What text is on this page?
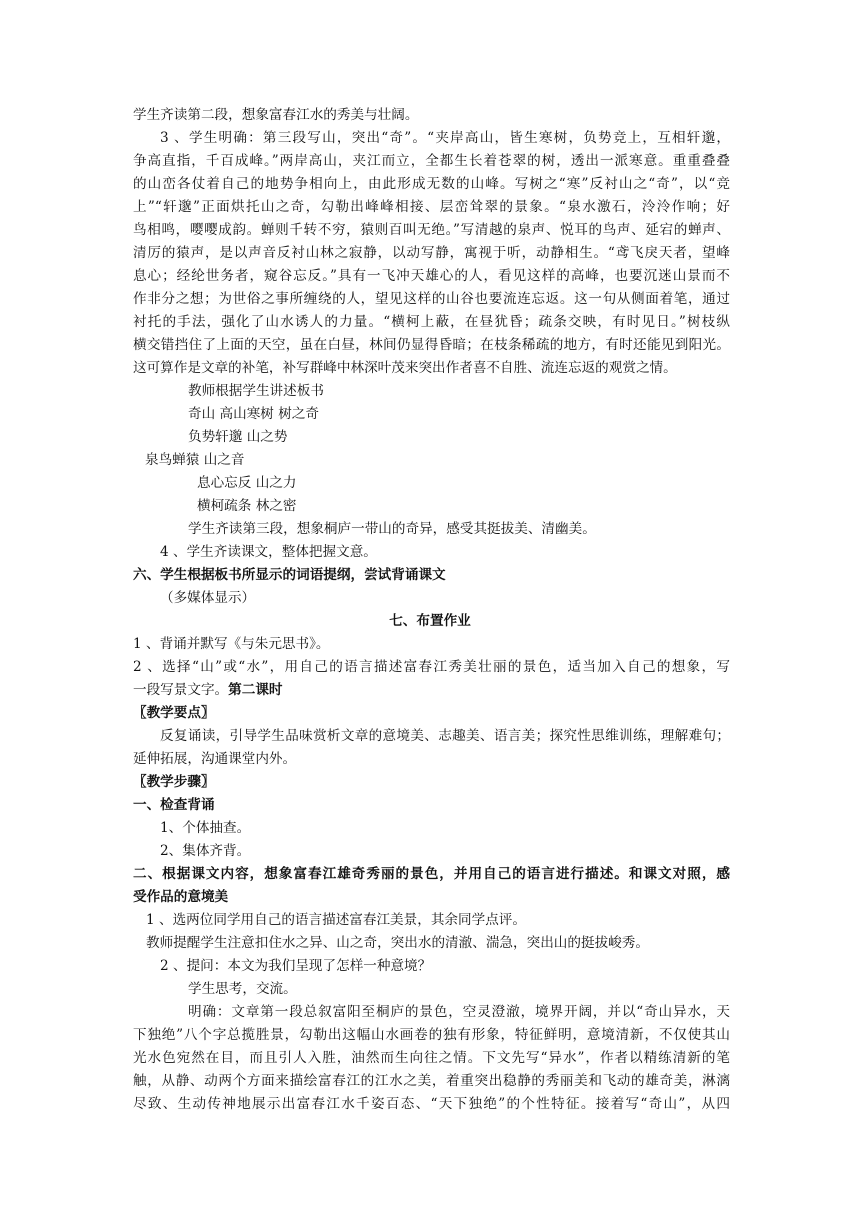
学生齐读第二段，想象富春江水的秀美与壮阔。
3 、学生明确：第三段写山，突出“奇”。“夹岸高山，皆生寒树，负势竞上，互相轩邈，
争高直指，千百成峰。”两岸高山，夹江而立，全都生长着苍翠的树，透出一派寒意。重重叠叠
的山峦各仗着自己的地势争相向上，由此形成无数的山峰。写树之“寒”反衬山之“奇”，以“竞
上”“轩邈”正面烘托山之奇，勾勒出峰峰相接、层峦耸翠的景象。“泉水激石，泠泠作响；好
鸟相鸣，嘤嘤成韵。蝉则千转不穷，猿则百叫无绝。”写清越的泉声、悦耳的鸟声、延宕的蝉声、
清厉的猿声，是以声音反衬山林之寂静，以动写静，寓视于听，动静相生。“鸢飞戾天者，望峰
息心；经纶世务者，窥谷忘反。”具有一飞冲天雄心的人，看见这样的高峰，也要沉迷山景而不
作非分之想；为世俗之事所缠绕的人，望见这样的山谷也要流连忘返。这一句从侧面着笔，通过
衬托的手法，强化了山水诱人的力量。“横柯上蔽，在昼犹昏；疏条交映，有时见日。”树枝纵
横交错挡住了上面的天空，虽在白昼，林间仍显得昏暗；在枝条稀疏的地方，有时还能见到阳光。
这可算作是文章的补笔，补写群峰中林深叶茂来突出作者喜不自胜、流连忘返的观赏之情。
教师根据学生讲述板书
奇山 高山寒树 树之奇
负势轩邈 山之势
泉鸟蝉猿 山之音
息心忘反 山之力
横柯疏条 林之密
学生齐读第三段，想象桐庐一带山的奇异，感受其挺拔美、清幽美。
4 、学生齐读课文，整体把握文意。
六、学生根据板书所显示的词语提纲，尝试背诵课文
（多媒体显示）
七、布置作业
1 、背诵并默写《与朱元思书》。
2 、选择“山”或“水”，用自己的语言描述富春江秀美壮丽的景色，适当加入自己的想象，写
一段写景文字。第二课时
〖教学要点〗
反复诵读，引导学生品味赏析文章的意境美、志趣美、语言美；探究性思维训练，理解难句；
延伸拓展，沟通课堂内外。
〖教学步骤〗
一、检查背诵
1、个体抽查。
2、集体齐背。
二、根据课文内容，想象富春江雄奇秀丽的景色，并用自己的语言进行描述。和课文对照，感
受作品的意境美
1 、选两位同学用自己的语言描述富春江美景，其余同学点评。
教师提醒学生注意扣住水之异、山之奇，突出水的清澈、湍急，突出山的挺拔峻秀。
2 、提问：本文为我们呈现了怎样一种意境？
学生思考，交流。
明确：文章第一段总叙富阳至桐庐的景色，空灵澄澈，境界开阔，并以“奇山异水，天
下独绝”八个字总揽胜景，勾勒出这幅山水画卷的独有形象，特征鲜明，意境清新，不仅使其山
光水色宛然在目，而且引人入胜，油然而生向往之情。下文先写“异水”，作者以精练清新的笔
触，从静、动两个方面来描绘富春江的江水之美，着重突出稳静的秀丽美和飞动的雄奇美，淋漓
尽致、生动传神地展示出富春江水千姿百态、“天下独绝”的个性特征。接着写“奇山”，从四
